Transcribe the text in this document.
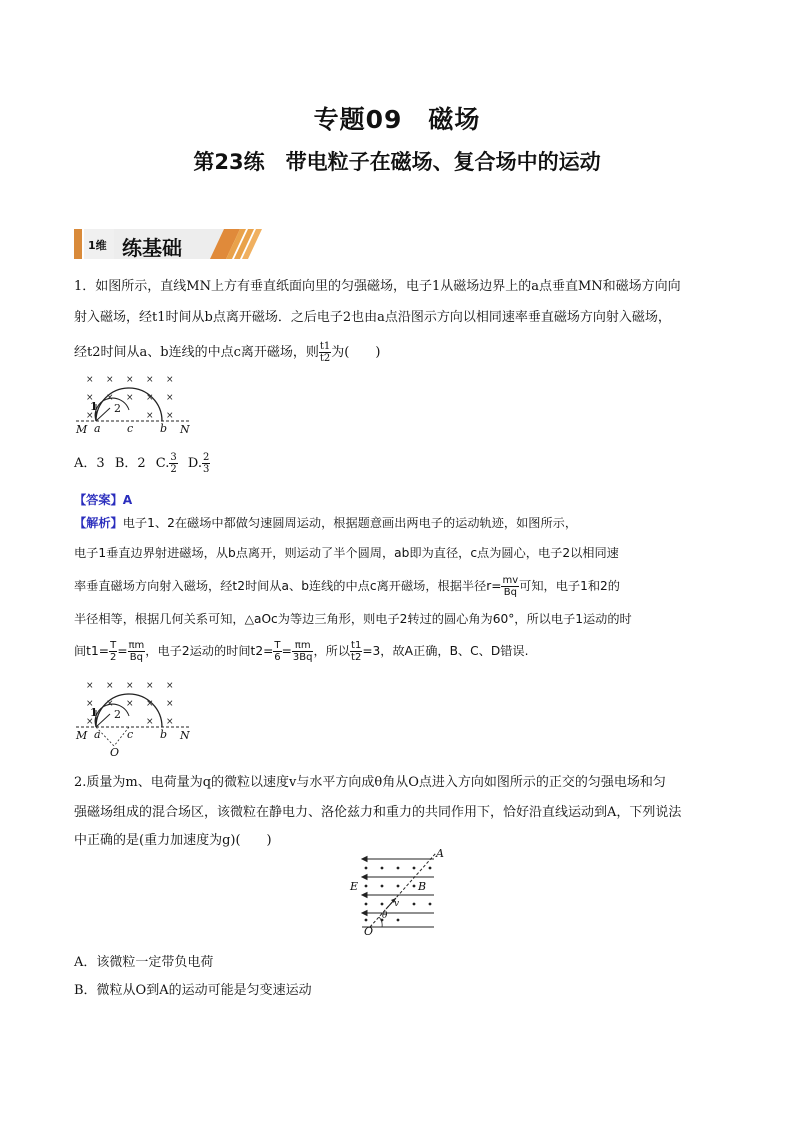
专题09　磁场
第23练　带电粒子在磁场、复合场中的运动
1维 练基础
1．如图所示，直线MN上方有垂直纸面向里的匀强磁场，电子1从磁场边界上的a点垂直MN和磁场方向向
射入磁场，经t1时间从b点离开磁场．之后电子2也由a点沿图示方向以相同速率垂直磁场方向射入磁场，
经t2时间从a、b连线的中点c离开磁场，则 $\frac{t1}{t2}$ 为(　　)
× × × × ×
× × × × ×
×	× ×
1 2
M a c b N
A．3 B．2 C. $\frac{3}{2} D$. $\frac{2}{3}$
【答案】A
【解析】电子1、2在磁场中都做匀速圆周运动，根据题意画出两电子的运动轨迹，如图所示，
电子1垂直边界射进磁场，从b点离开，则运动了半个圆周，ab即为直径，c点为圆心，电子2以相同速
率垂直磁场方向射入磁场，经t2时间从a、b连线的中点c离开磁场，根据半径$r= \frac{mv}{Bq}$ 可知，电子1和2的
半径相等，根据几何关系可知，△aOc为等边三角形，则电子2转过的圆心角为60°，所以电子1运动的时
间$t1= \frac{T}{2} = \frac{\pi m}{Bq}$ ，电子2运动的时间$t2= \frac{T}{6} = \frac{\pi m}{3Bq}$ ，所以 $\frac{t1}{t2} =3$，故A正确，B、C、D错误.
× × × × ×
× × × × ×
×	× ×
1 2
M a c b N
O
2.质量为m、电荷量为q的微粒以速度v与水平方向成θ角从O点进入方向如图所示的正交的匀强电场和匀
强磁场组成的混合场区，该微粒在静电力、洛伦兹力和重力的共同作用下，恰好沿直线运动到A，下列说法
中正确的是(重力加速度为g)(　　)
A
E	B
v
θ
O
A．该微粒一定带负电荷
B．微粒从O到A的运动可能是匀变速运动
